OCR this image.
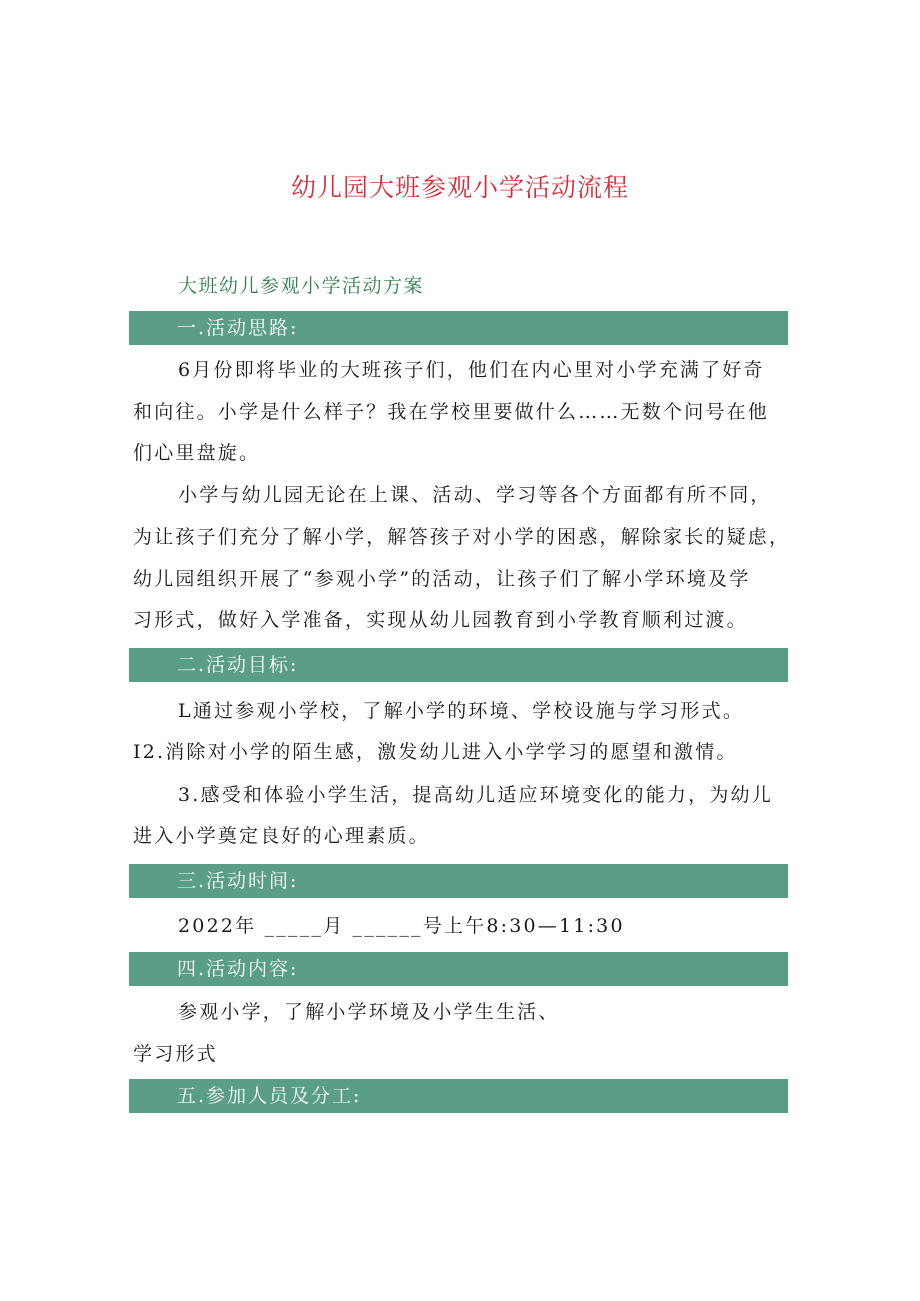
幼儿园大班参观小学活动流程
大班幼儿参观小学活动方案
一.活动思路:
6月份即将毕业的大班孩子们，他们在内心里对小学充满了好奇
和向往。小学是什么样子？我在学校里要做什么……无数个问号在他
们心里盘旋。
小学与幼儿园无论在上课、活动、学习等各个方面都有所不同，
为让孩子们充分了解小学，解答孩子对小学的困惑，解除家长的疑虑，
幼儿园组织开展了“参观小学”的活动，让孩子们了解小学环境及学
习形式，做好入学准备，实现从幼儿园教育到小学教育顺利过渡。
二.活动目标:
L通过参观小学校，了解小学的环境、学校设施与学习形式。
I2.消除对小学的陌生感，激发幼儿进入小学学习的愿望和激情。
3.感受和体验小学生活，提高幼儿适应环境变化的能力，为幼儿
进入小学奠定良好的心理素质。
三.活动时间:
2022年 _____月 ______号上午8:30—11:30
四.活动内容:
参观小学，了解小学环境及小学生生活、
学习形式
五.参加人员及分工:
